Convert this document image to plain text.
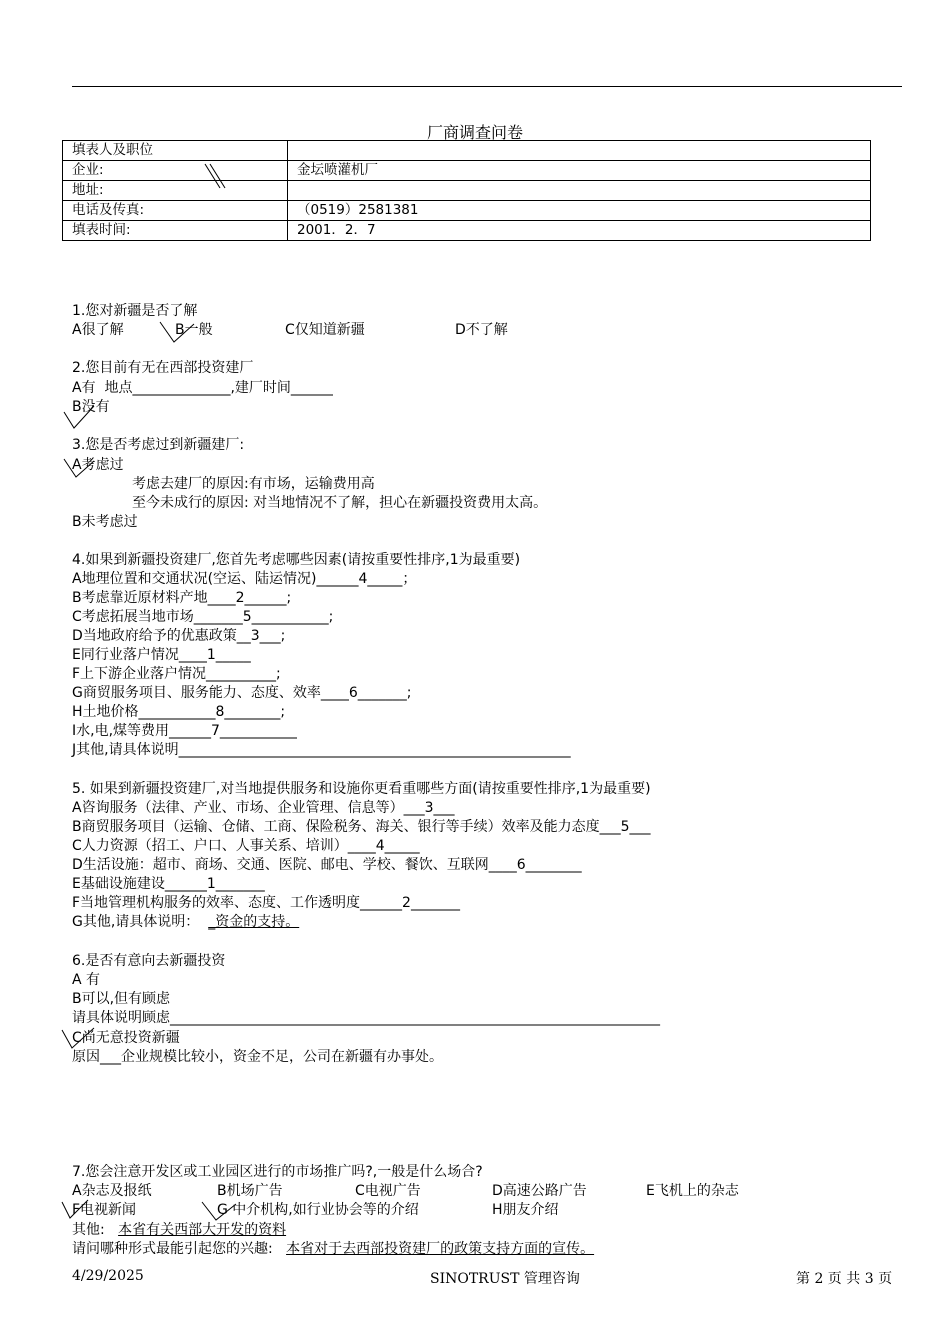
厂商调查问卷
填表人及职位	
企业:	金坛喷灌机厂
地址:	
电话及传真:	（0519）2581381
填表时间:	2001．2．7
1.您对新疆是否了解
A很了解	B一般	C仅知道新疆	D不了解
2.您目前有无在西部投资建厂
A有  地点______________,建厂时间______
B没有
3.您是否考虑过到新疆建厂:
A考虑过
考虑去建厂的原因:有市场，运输费用高
至今未成行的原因: 对当地情况不了解，担心在新疆投资费用太高。
B未考虑过
4.如果到新疆投资建厂,您首先考虑哪些因素(请按重要性排序,1为最重要)
A地理位置和交通状况(空运、陆运情况)______4_____；
B考虑靠近原材料产地____2______;
C考虑拓展当地市场_______5___________;
D当地政府给予的优惠政策__3___;
E同行业落户情况____1_____
F上下游企业落户情况__________;
G商贸服务项目、服务能力、态度、效率____6_______;
H土地价格___________8________;
I水,电,煤等费用______7___________
J其他,请具体说明________________________________________________________
5. 如果到新疆投资建厂,对当地提供服务和设施你更看重哪些方面(请按重要性排序,1为最重要)
A咨询服务（法律、产业、市场、企业管理、信息等）___3___
B商贸服务项目（运输、仓储、工商、保险税务、海关、银行等手续）效率及能力态度___5___
C人力资源（招工、户口、人事关系、培训）____4_____
D生活设施：超市、商场、交通、医院、邮电、学校、餐饮、互联网____6________
E基础设施建设______1_______
F当地管理机构服务的效率、态度、工作透明度______2_______
G其他,请具体说明：  _资金的支持。
6.是否有意向去新疆投资
A 有
B可以,但有顾虑
请具体说明顾虑______________________________________________________________________
C尚无意投资新疆
原因___企业规模比较小，资金不足，公司在新疆有办事处。
7.您会注意开发区或工业园区进行的市场推广吗?,一般是什么场合?
A杂志及报纸	B机场广告	C电视广告	D高速公路广告	E飞机上的杂志
F电视新闻	G 中介机构,如行业协会等的介绍	H朋友介绍
其他:   本省有关西部大开发的资料
请问哪种形式最能引起您的兴趣:   本省对于去西部投资建厂的政策支持方面的宣传。
4/29/2025	SINOTRUST 管理咨询	第 2 页 共 3 页
